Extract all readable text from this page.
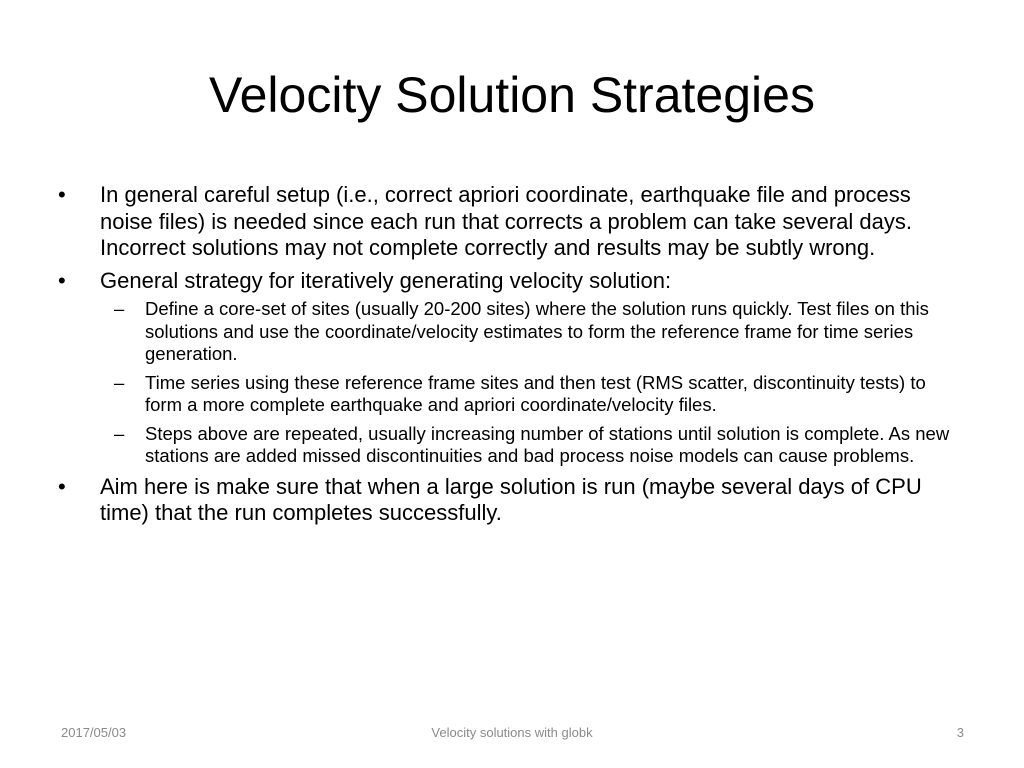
Velocity Solution Strategies
•	In general careful setup (i.e., correct apriori coordinate, earthquake file and process noise files) is needed since each run that corrects a problem can take several days. Incorrect solutions may not complete correctly and results may be subtly wrong.
•	General strategy for iteratively generating velocity solution:
–	Define a core-set of sites (usually 20-200 sites) where the solution runs quickly. Test files on this solutions and use the coordinate/velocity estimates to form the reference frame for time series generation.
–	Time series using these reference frame sites and then test (RMS scatter, discontinuity tests) to form a more complete earthquake and apriori coordinate/velocity files.
–	Steps above are repeated, usually increasing number of stations until solution is complete. As new stations are added missed discontinuities and bad process noise models can cause problems.
•	Aim here is make sure that when a large solution is run (maybe several days of CPU time) that the run completes successfully.
2017/05/03	Velocity solutions with globk	3
